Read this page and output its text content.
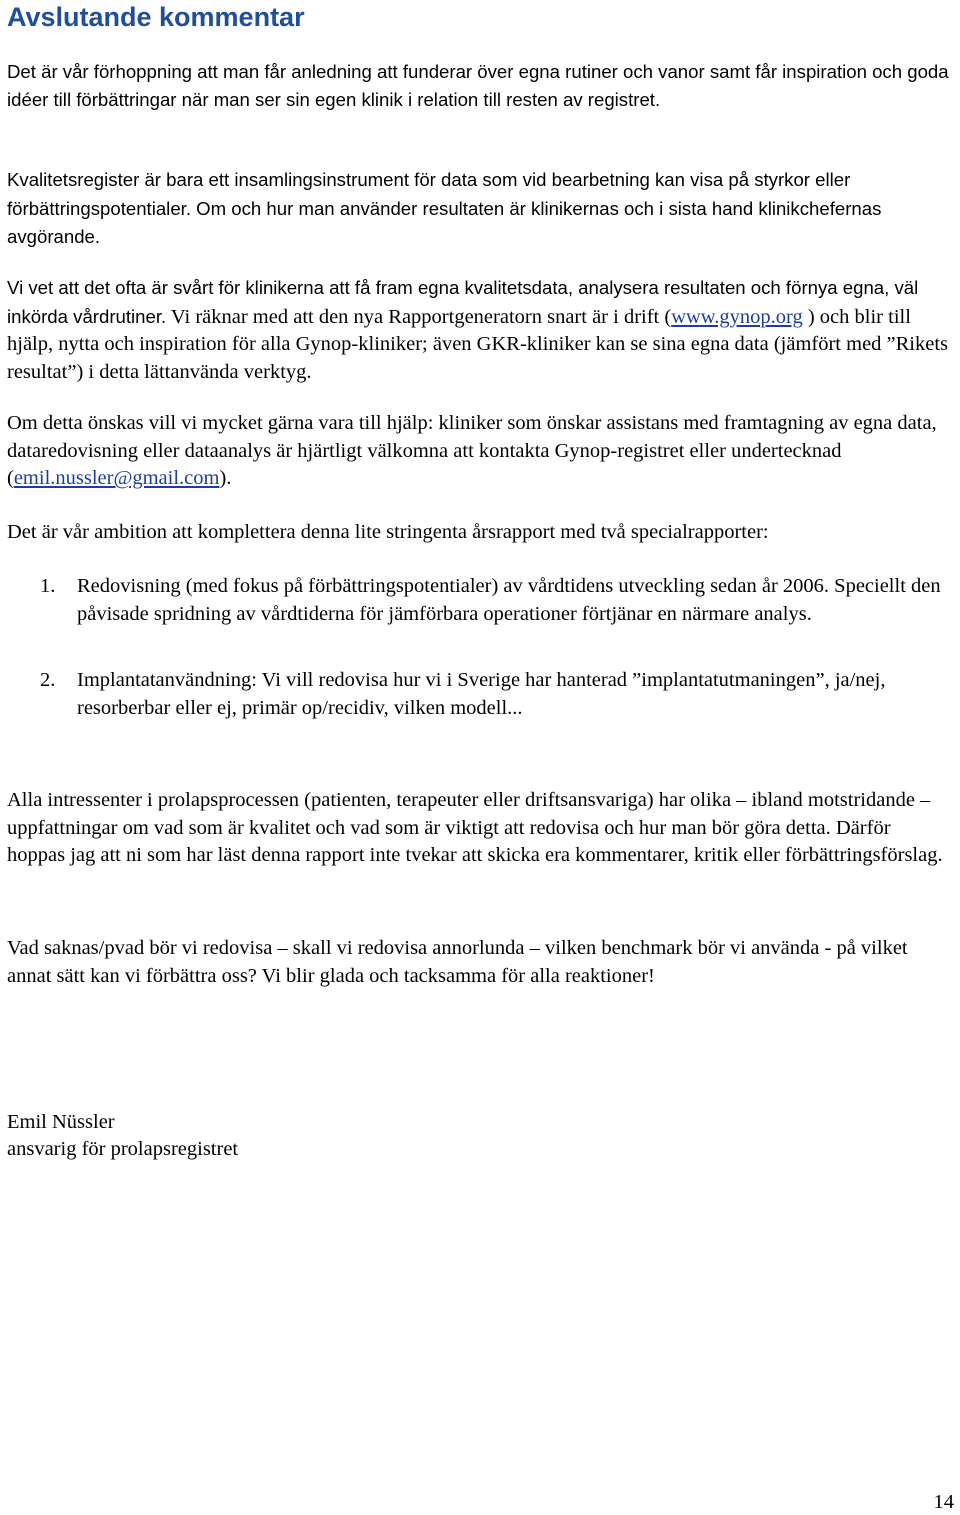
Avslutande kommentar

Det är vår förhoppning att man får anledning att funderar över egna rutiner och vanor samt får inspiration och goda idéer till förbättringar när man ser sin egen klinik i relation till resten av registret.

Kvalitetsregister är bara ett insamlingsinstrument för data som vid bearbetning kan visa på styrkor eller förbättringspotentialer. Om och hur man använder resultaten är klinikernas och i sista hand klinikchefernas avgörande.

Vi vet att det ofta är svårt för klinikerna att få fram egna kvalitetsdata, analysera resultaten och förnya egna, väl inkörda vårdrutiner. Vi räknar med att den nya Rapportgeneratorn snart är i drift (www.gynop.org ) och blir till hjälp, nytta och inspiration för alla Gynop-kliniker; även GKR-kliniker kan se sina egna data (jämfört med ”Rikets resultat”) i detta lättanvända verktyg.

Om detta önskas vill vi mycket gärna vara till hjälp: kliniker som önskar assistans med framtagning av egna data, dataredovisning eller dataanalys är hjärtligt välkomna att kontakta Gynop-registret eller undertecknad (emil.nussler@gmail.com).

Det är vår ambition att komplettera denna lite stringenta årsrapport med två specialrapporter:

1.	Redovisning (med fokus på förbättringspotentialer) av vårdtidens utveckling sedan år 2006. Speciellt den påvisade spridning av vårdtiderna för jämförbara operationer förtjänar en närmare analys.
2.	Implantatanvändning: Vi vill redovisa hur vi i Sverige har hanterad ”implantatutmaningen”, ja/nej, resorberbar eller ej, primär op/recidiv, vilken modell...

Alla intressenter i prolapsprocessen (patienten, terapeuter eller driftsansvariga) har olika – ibland motstridande – uppfattningar om vad som är kvalitet och vad som är viktigt att redovisa och hur man bör göra detta. Därför hoppas jag att ni som har läst denna rapport inte tvekar att skicka era kommentarer, kritik eller förbättringsförslag.

Vad saknas/pvad bör vi redovisa – skall vi redovisa annorlunda – vilken benchmark bör vi använda - på vilket annat sätt kan vi förbättra oss? Vi blir glada och tacksamma för alla reaktioner!

Emil Nüssler

ansvarig för prolapsregistret

14
